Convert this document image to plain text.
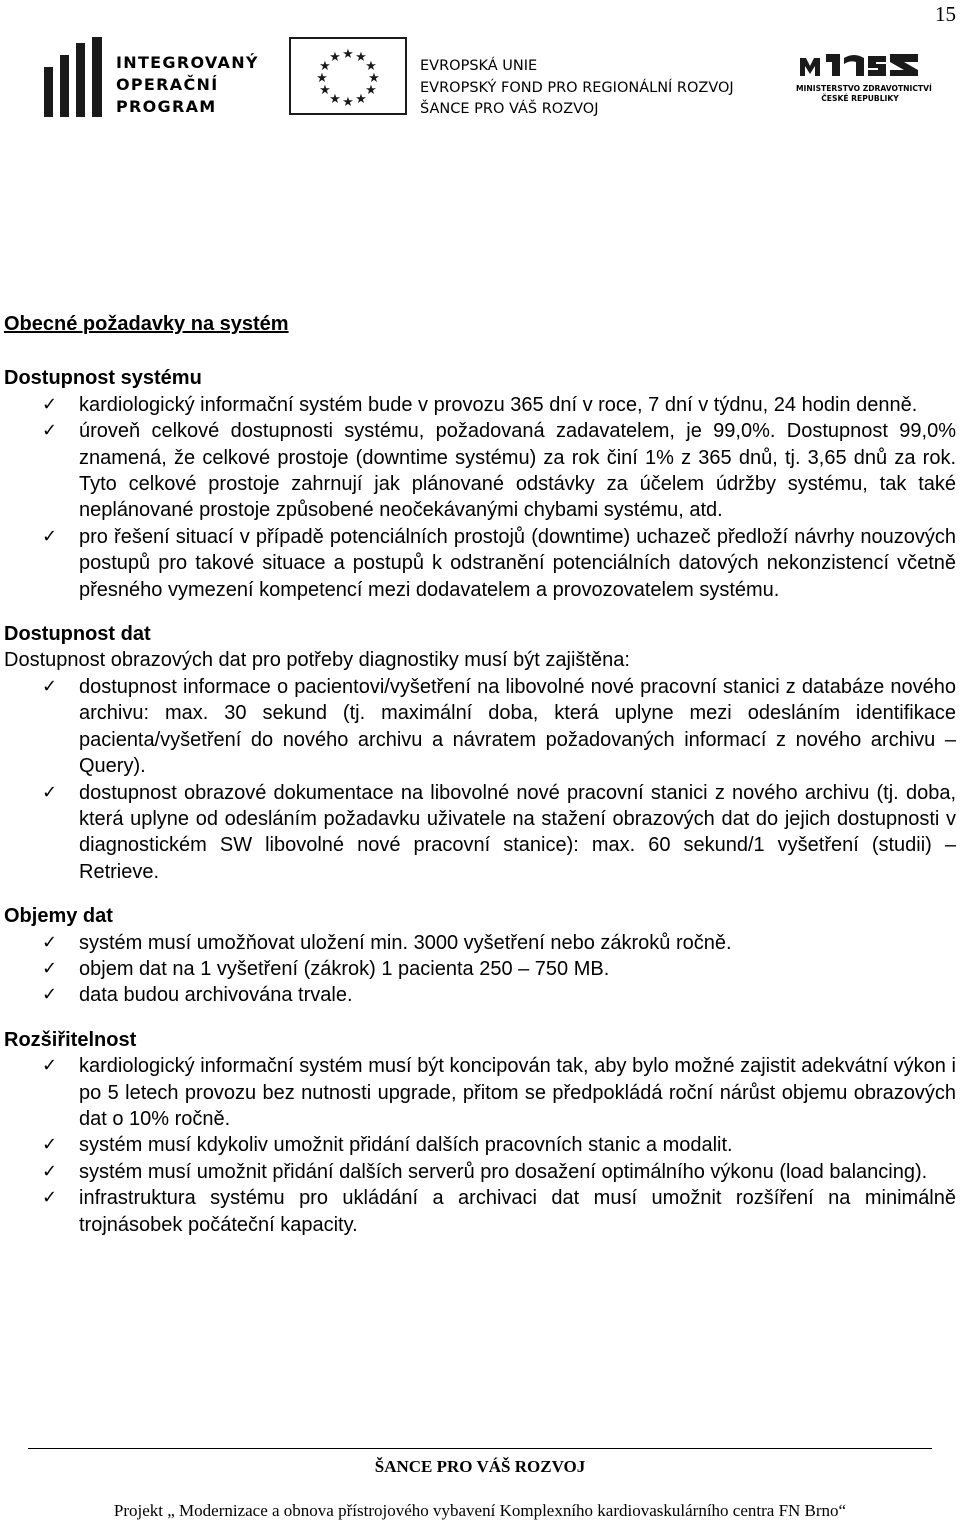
15
INTEGROVANÝ
OPERAČNÍ
PROGRAM
★ ★
★
★
★
★
★
★
★
★
★
★
EVROPSKÁ UNIE
EVROPSKÝ FOND PRO REGIONÁLNÍ ROZVOJ
ŠANCE PRO VÁŠ ROZVOJ
MINISTERSTVO ZDRAVOTNICTVÍ
ČESKÉ REPUBLIKY
Obecné požadavky na systém
Dostupnost systému
✓ kardiologický informační systém bude v provozu 365 dní v roce, 7 dní v týdnu, 24 hodin denně.
✓ úroveň celkové dostupnosti systému, požadovaná zadavatelem, je 99,0%. Dostupnost 99,0% znamená, že celkové prostoje (downtime systému) za rok činí 1% z 365 dnů, tj. 3,65 dnů za rok. Tyto celkové prostoje zahrnují jak plánované odstávky za účelem údržby systému, tak také neplánované prostoje způsobené neočekávanými chybami systému, atd.
✓ pro řešení situací v případě potenciálních prostojů (downtime) uchazeč předloží návrhy nouzových postupů pro takové situace a postupů k odstranění potenciálních datových nekonzistencí včetně přesného vymezení kompetencí mezi dodavatelem a provozovatelem systému.
Dostupnost dat

Dostupnost obrazových dat pro potřeby diagnostiky musí být zajištěna:

✓ dostupnost informace o pacientovi/vyšetření na libovolné nové pracovní stanici z databáze nového archivu: max. 30 sekund (tj. maximální doba, která uplyne mezi odesláním identifikace pacienta/vyšetření do nového archivu a návratem požadovaných informací z nového archivu – Query).
✓ dostupnost obrazové dokumentace na libovolné nové pracovní stanici z nového archivu (tj. doba, která uplyne od odesláním požadavku uživatele na stažení obrazových dat do jejich dostupnosti v diagnostickém SW libovolné nové pracovní stanice): max. 60 sekund/1 vyšetření (studii) – Retrieve.
Objemy dat
✓ systém musí umožňovat uložení min. 3000 vyšetření nebo zákroků ročně.
✓ objem dat na 1 vyšetření (zákrok) 1 pacienta 250 – 750 MB.
✓ data budou archivována trvale.
Rozšiřitelnost
✓ kardiologický informační systém musí být koncipován tak, aby bylo možné zajistit adekvátní výkon i po 5 letech provozu bez nutnosti upgrade, přitom se předpokládá roční nárůst objemu obrazových dat o 10% ročně.
✓ systém musí kdykoliv umožnit přidání dalších pracovních stanic a modalit.
✓ systém musí umožnit přidání dalších serverů pro dosažení optimálního výkonu (load balancing).
✓ infrastruktura systému pro ukládání a archivaci dat musí umožnit rozšíření na minimálně trojnásobek počáteční kapacity.
ŠANCE PRO VÁŠ ROZVOJ
Projekt „ Modernizace a obnova přístrojového vybavení Komplexního kardiovaskulárního centra FN Brno“
